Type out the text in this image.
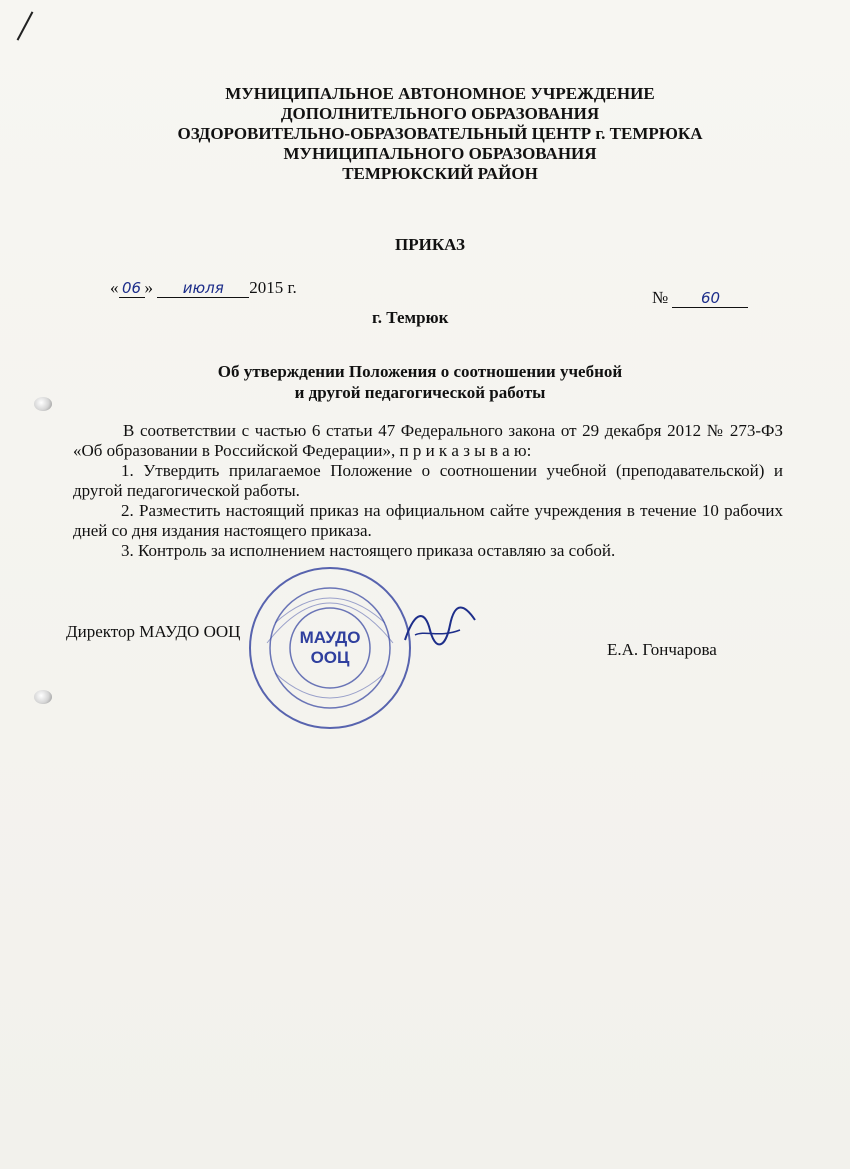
МУНИЦИПАЛЬНОЕ АВТОНОМНОЕ УЧРЕЖДЕНИЕ
ДОПОЛНИТЕЛЬНОГО ОБРАЗОВАНИЯ
ОЗДОРОВИТЕЛЬНО-ОБРАЗОВАТЕЛЬНЫЙ ЦЕНТР г. ТЕМРЮКА
МУНИЦИПАЛЬНОГО ОБРАЗОВАНИЯ
ТЕМРЮКСКИЙ РАЙОН
ПРИКАЗ
« 06 » июля 2015 г.
№ 60
г. Темрюк
Об утверждении Положения о соотношении учебной
и другой педагогической работы

В соответствии с частью 6 статьи 47 Федерального закона от 29 декабря 2012 № 273-ФЗ «Об образовании в Российской Федерации», п р и к а з ы в а ю:

1. Утвердить прилагаемое Положение о соотношении учебной (преподавательской) и другой педагогической работы.

2. Разместить настоящий приказ на официальном сайте учреждения в течение 10 рабочих дней со дня издания настоящего приказа.

3. Контроль за исполнением настоящего приказа оставляю за собой.

Директор МАУДО ООЦ
Е.А. Гончарова
МАУДО
ООЦ
